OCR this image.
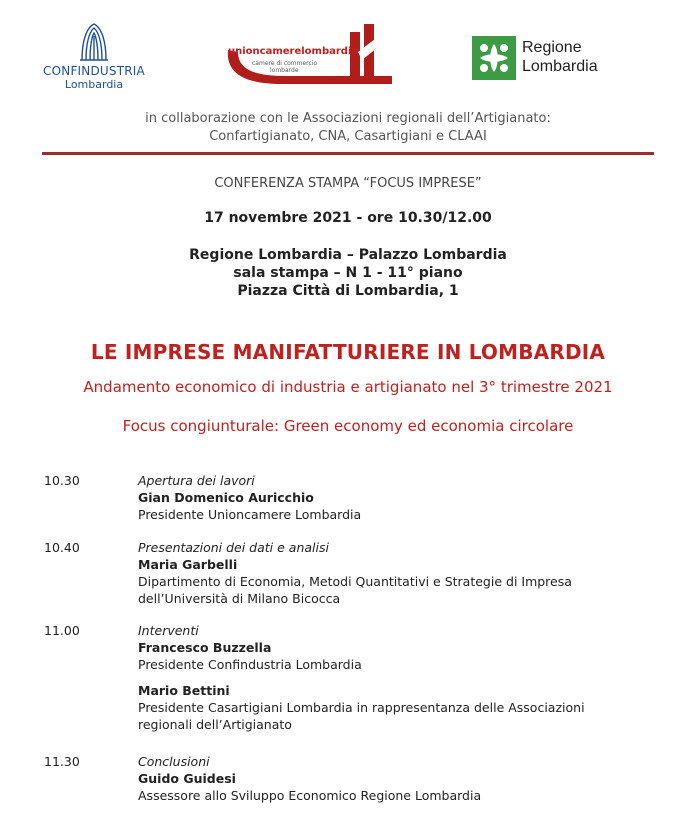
CONFINDUSTRIA
Lombardia
unioncamerelombardia
camere di commercio
lombarde
Regione
Lombardia
in collaborazione con le Associazioni regionali dell’Artigianato:
Confartigianato, CNA, Casartigiani e CLAAI
CONFERENZA STAMPA “FOCUS IMPRESE”
17 novembre 2021 - ore 10.30/12.00
Regione Lombardia – Palazzo Lombardia
sala stampa – N 1 - 11° piano
Piazza Città di Lombardia, 1
LE IMPRESE MANIFATTURIERE IN LOMBARDIA
Andamento economico di industria e artigianato nel 3° trimestre 2021
Focus congiunturale: Green economy ed economia circolare
10.30	Apertura dei lavori
Gian Domenico Auricchio
Presidente Unioncamere Lombardia
10.40	Presentazioni dei dati e analisi
Maria Garbelli
Dipartimento di Economia, Metodi Quantitativi e Strategie di Impresa
dell’Università di Milano Bicocca
11.00	Interventi
Francesco Buzzella
Presidente Confindustria Lombardia
Mario Bettini
Presidente Casartigiani Lombardia in rappresentanza delle Associazioni
regionali dell’Artigianato
11.30	Conclusioni
Guido Guidesi
Assessore allo Sviluppo Economico Regione Lombardia
